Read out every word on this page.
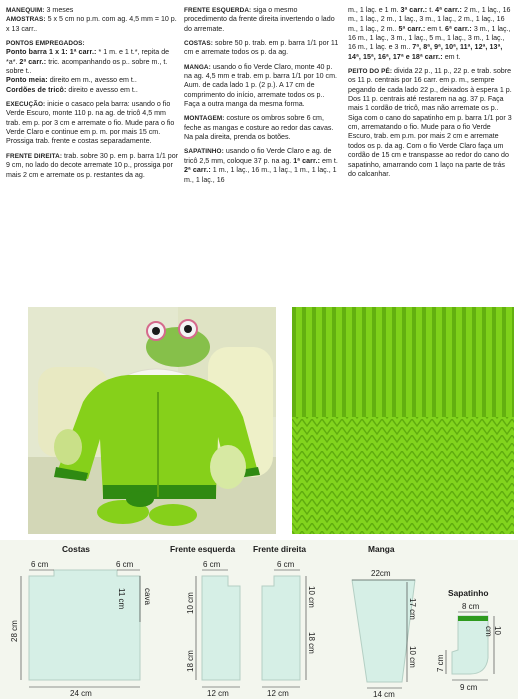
MANEQUIM: 3 meses
AMOSTRAS: 5 x 5 cm no p.m. com ag. 4,5 mm = 10 p. x 13 carr..

PONTOS EMPREGADOS:
Ponto barra 1 x 1: 1ª carr.: * 1 m. e 1 t.*, repita de *a*. 2ª carr.: tric. acompanhando os p.. sobre m., t. sobre t..
Ponto meia: direito em m., avesso em t..
Cordões de tricô: direito e avesso em t..

EXECUÇÃO: inicie o casaco pela barra: usando o fio Verde Escuro, monte 110 p. na ag. de tricô 4,5 mm trab. em p. por 3 cm e arremate o fio. Mude para o fio Verde Claro e continue em p. m. por mais 15 cm. Prossiga trab. frente e costas separadamente.

FRENTE DIREITA: trab. sobre 30 p. em p. barra 1/1 por 9 cm, no lado do decote arremate 10 p., prossiga por mais 2 cm e arremate os p. restantes da ag.

FRENTE ESQUERDA: siga o mesmo procedimento da frente direita invertendo o lado do arremate.

COSTAS: sobre 50 p. trab. em p. barra 1/1 por 11 cm e arremate todos os p. da ag.

MANGA: usando o fio Verde Claro, monte 40 p. na ag. 4,5 mm e trab. em p. barra 1/1 por 10 cm. Aum. de cada lado 1 p. (2 p.). A 17 cm de comprimento do início, arremate todos os p.. Faça a outra manga da mesma forma.

MONTAGEM: costure os ombros sobre 6 cm, feche as mangas e costure ao redor das cavas. Na pala direita, prenda os botões.

SAPATINHO: usando o fio Verde Claro e ag. de tricô 2,5 mm, coloque 37 p. na ag. 1ª carr.: em t. 2ª carr.: 1 m., 1 laç., 16 m., 1 laç., 1 m., 1 laç., 1 m., 1 laç., 16

m., 1 laç. e 1 m. 3ª carr.: t. 4ª carr.: 2 m., 1 laç., 16 m., 1 laç., 2 m., 1 laç., 3 m., 1 laç., 2 m., 1 laç., 16 m., 1 laç., 2 m.. 5ª carr.: em t. 6ª carr.: 3 m., 1 laç., 16 m., 1 laç., 3 m., 1 laç., 5 m., 1 laç., 3 m., 1 laç., 16 m., 1 laç. e 3 m.. 7ª, 8ª, 9ª, 10ª, 11ª, 12ª, 13ª, 14ª, 15ª, 16ª, 17ª e 18ª carr.: em t.

PEITO DO PÉ: divida 22 p., 11 p., 22 p. e trab. sobre os 11 p. centrais por 16 carr. em p. m., sempre pegando de cada lado 22 p., deixados à espera 1 p. Dos 11 p. centrais até restarem na ag. 37 p. Faça mais 1 cordão de tricô, mas não arremate os p.. Siga com o cano do sapatinho em p. barra 1/1 por 3 cm, arrematando o fio. Mude para o fio Verde Escuro, trab. em p.m. por mais 2 cm e arremate todos os p. da ag. Com o fio Verde Claro faça um cordão de 15 cm e transpasse ao redor do cano do sapatinho, amarrando com 1 laço na parte de trás do calcanhar.

Costas
6 cm	6 cm
11 cm cava
28 cm
24 cm
Frente esquerda
6 cm
10 cm
18 cm
12 cm
Frente direita
6 cm
10 cm
18 cm
12 cm
Manga
22cm
17 cm
10 cm
14 cm
Sapatinho
8 cm
7 cm
10 cm
9 cm
